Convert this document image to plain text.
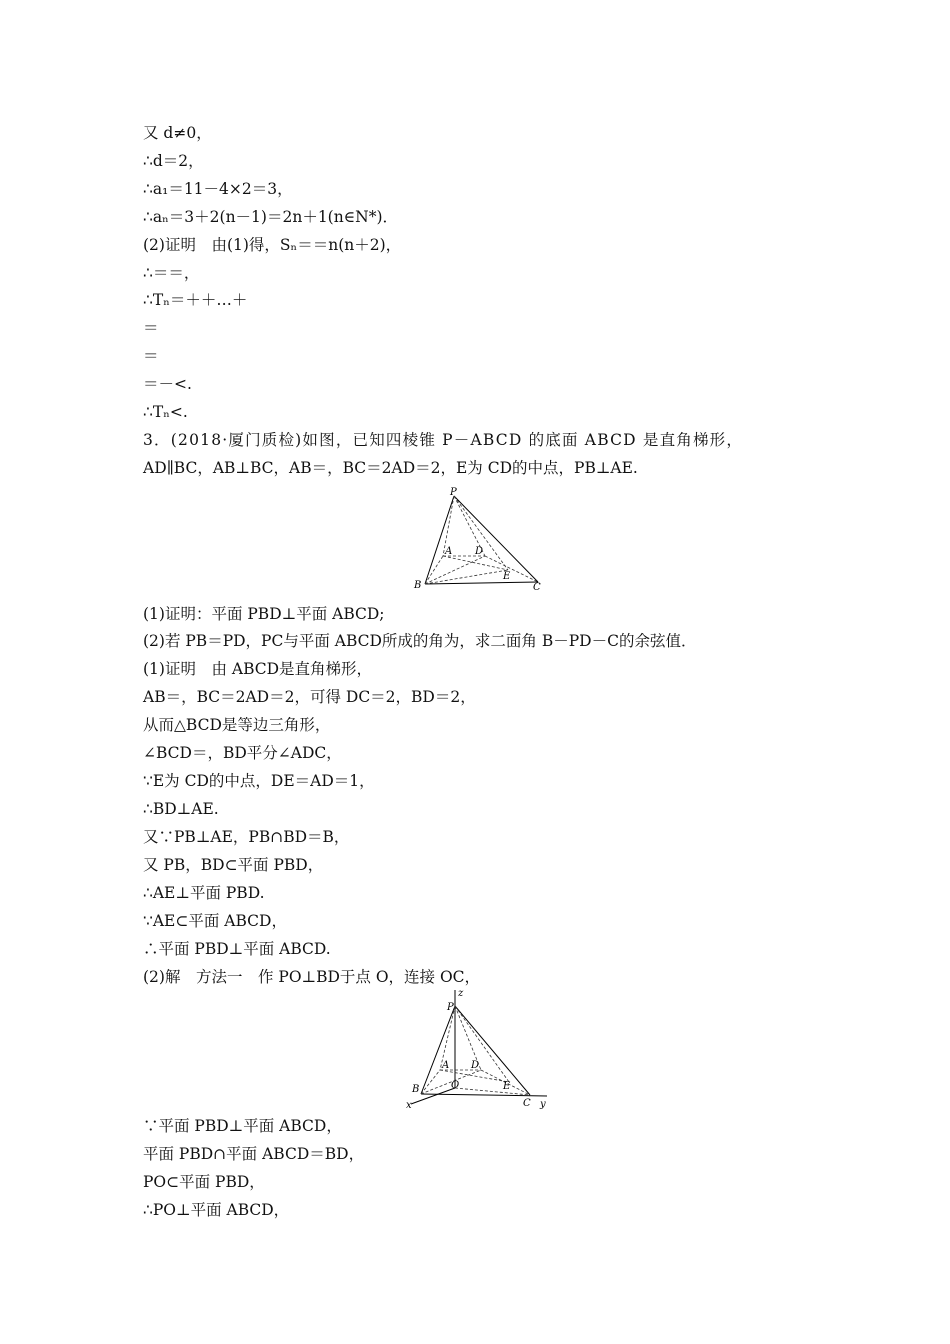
又 d≠0，
∴d＝2，
∴a₁＝11－4×2＝3，
∴aₙ＝3＋2(n－1)＝2n＋1(n∈N*)．
(2)证明　由(1)得，Sₙ＝＝n(n＋2)，
∴＝＝，
∴Tₙ＝＋＋…＋
＝
＝
＝－<.
∴Tₙ<.
3．(2018·厦门质检)如图，已知四棱锥 P－ABCD 的底面 ABCD 是直角梯形，
AD∥BC，AB⊥BC，AB＝，BC＝2AD＝2，E为 CD的中点，PB⊥AE.
P
A D
B
E
C
(1)证明：平面 PBD⊥平面 ABCD;
(2)若 PB＝PD，PC与平面 ABCD所成的角为，求二面角 B－PD－C的余弦值．
(1)证明　由 ABCD是直角梯形，
AB＝，BC＝2AD＝2，可得 DC＝2，BD＝2，
从而△BCD是等边三角形，
∠BCD＝，BD平分∠ADC，
∵E为 CD的中点，DE＝AD＝1，
∴BD⊥AE.
又∵PB⊥AE，PB∩BD＝B，
又 PB，BD⊂平面 PBD，
∴AE⊥平面 PBD.
∵AE⊂平面 ABCD，
∴平面 PBD⊥平面 ABCD.
(2)解　方法一　作 PO⊥BD于点 O，连接 OC，
z
P
A D
B	O	E
C
x	y
∵平面 PBD⊥平面 ABCD，
平面 PBD∩平面 ABCD＝BD，
PO⊂平面 PBD，
∴PO⊥平面 ABCD，
